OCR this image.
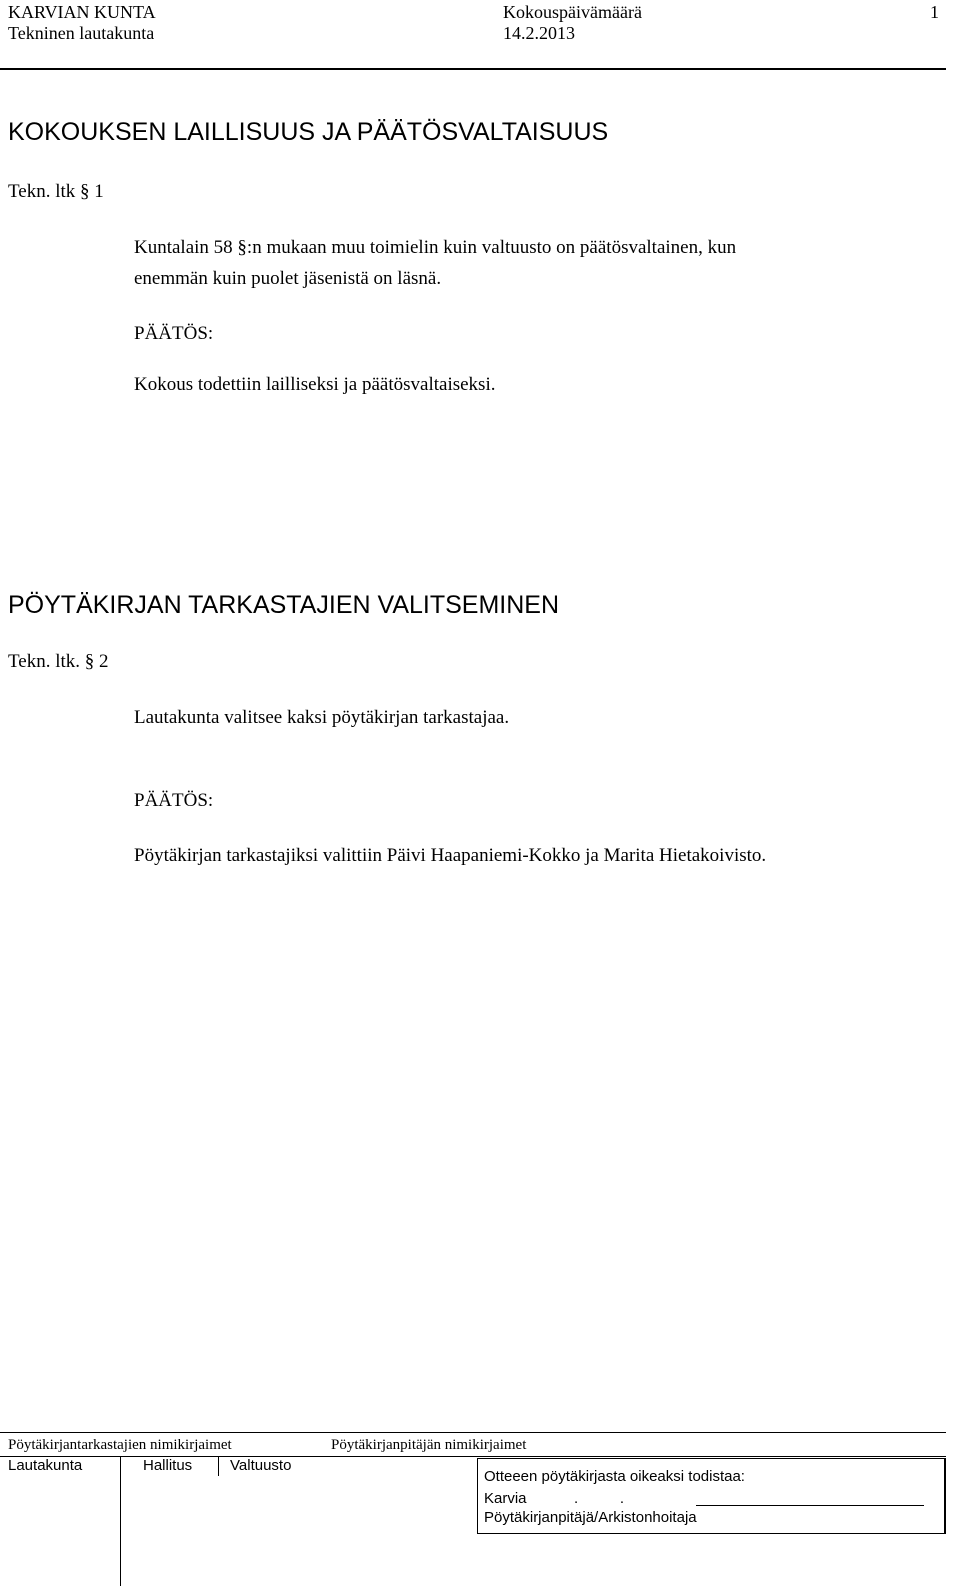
KARVIAN KUNTA
Tekninen lautakunta
Kokouspäivämäärä
14.2.2013
1
KOKOUKSEN LAILLISUUS JA PÄÄTÖSVALTAISUUS
Tekn. ltk § 1
Kuntalain 58 §:n mukaan muu toimielin kuin valtuusto on päätösvaltainen, kun
enemmän kuin puolet jäsenistä on läsnä.
PÄÄTÖS:
Kokous todettiin lailliseksi ja päätösvaltaiseksi.
PÖYTÄKIRJAN TARKASTAJIEN VALITSEMINEN
Tekn. ltk. § 2
Lautakunta valitsee kaksi pöytäkirjan tarkastajaa.
PÄÄTÖS:
Pöytäkirjan tarkastajiksi valittiin Päivi Haapaniemi-Kokko ja Marita Hietakoivisto.
Pöytäkirjantarkastajien nimikirjaimet	Pöytäkirjanpitäjän nimikirjaimet
Lautakunta	Hallitus	Valtuusto
Otteeen pöytäkirjasta oikeaksi todistaa:
Karvia	.          .
Pöytäkirjanpitäjä/Arkistonhoitaja
